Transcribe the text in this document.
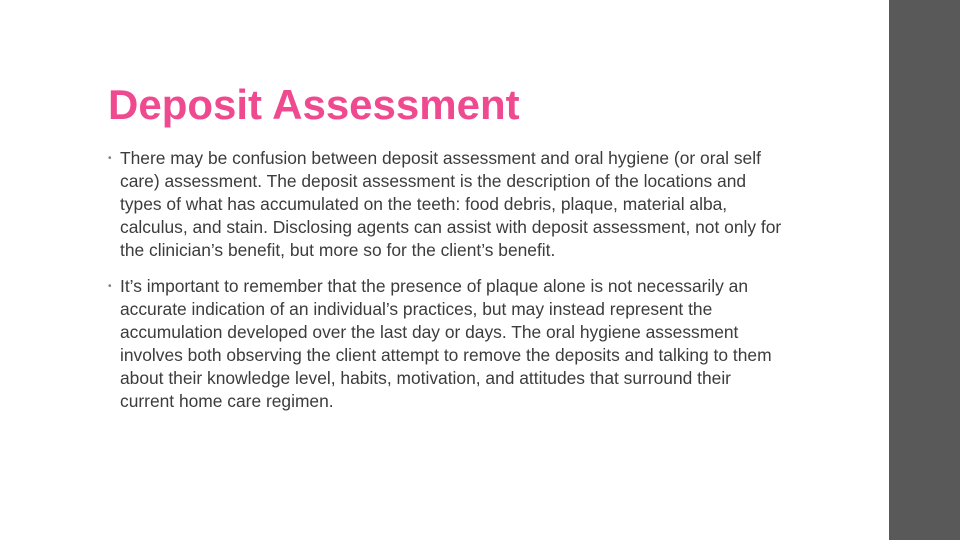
Deposit Assessment
• There may be confusion between deposit assessment and oral hygiene (or oral self care) assessment. The deposit assessment is the description of the locations and types of what has accumulated on the teeth: food debris, plaque, material alba, calculus, and stain. Disclosing agents can assist with deposit assessment, not only for the clinician’s benefit, but more so for the client’s benefit.
• It’s important to remember that the presence of plaque alone is not necessarily an accurate indication of an individual’s practices, but may instead represent the accumulation developed over the last day or days. The oral hygiene assessment involves both observing the client attempt to remove the deposits and talking to them about their knowledge level, habits, motivation, and attitudes that surround their current home care regimen.
